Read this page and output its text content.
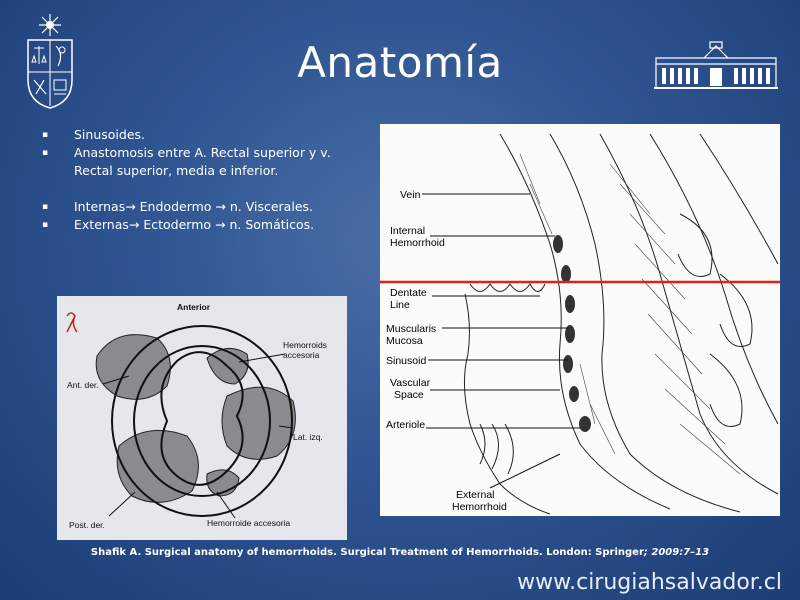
Anatomía
▪ Sinusoides.
▪ Anastomosis entre A. Rectal superior y v. Rectal superior, media e inferior.
▪ Internas→ Endodermo → n. Viscerales.
▪ Externas→ Ectodermo → n. Somáticos.
Vein
Internal
Hemorrhoid
Dentate
Line
Muscularis
Mucosa
Sinusoid
Vascular
Space
Arteriole
External
Hemorrhoid
Anterior
Hemorroids
accesoria
Ant. der.
Lat. izq.
Post. der.	Hemorroide accesoria
Shafik A. Surgical anatomy of hemorrhoids. Surgical Treatment of Hemorrhoids. London: Springer; 2009:7–13
www.cirugiahsalvador.cl
